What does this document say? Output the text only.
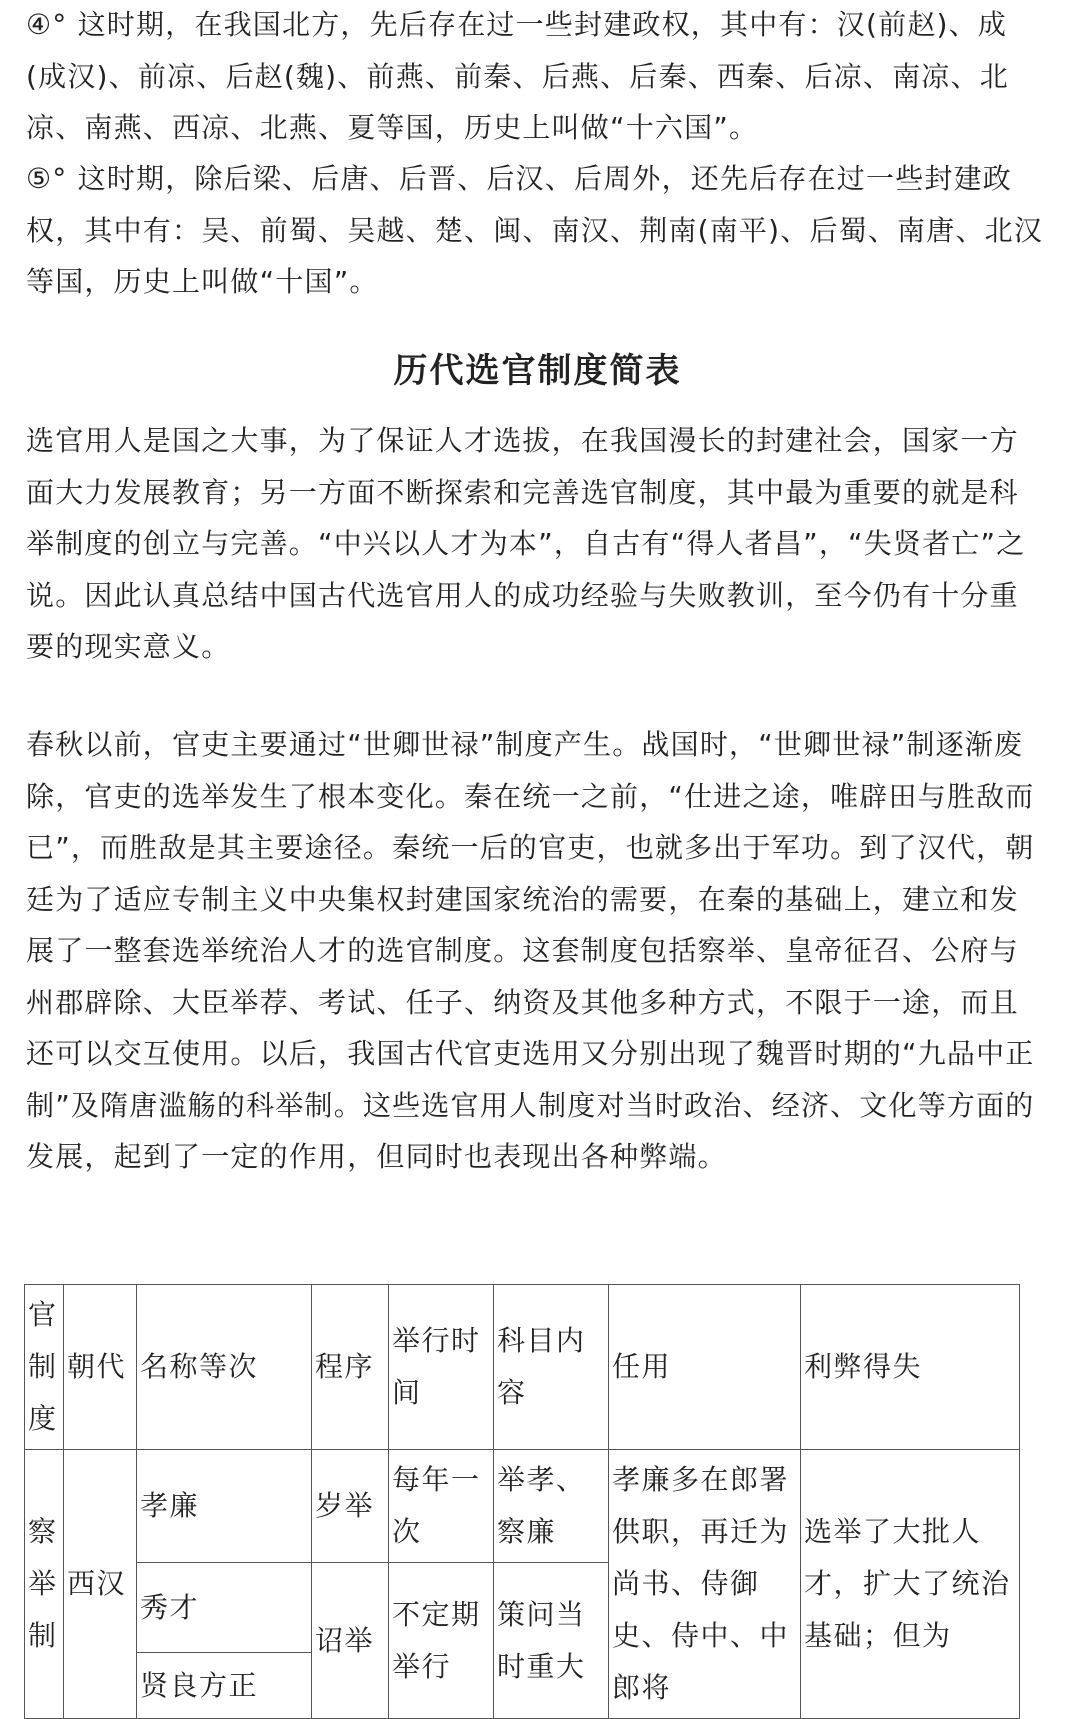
④° 这时期，在我国北方，先后存在过一些封建政权，其中有：汉(前赵)、成(成汉)、前凉、后赵(魏)、前燕、前秦、后燕、后秦、西秦、后凉、南凉、北凉、南燕、西凉、北燕、夏等国，历史上叫做“十六国”。

⑤° 这时期，除后梁、后唐、后晋、后汉、后周外，还先后存在过一些封建政权，其中有：吴、前蜀、吴越、楚、闽、南汉、荆南(南平)、后蜀、南唐、北汉等国，历史上叫做“十国”。

历代选官制度简表

选官用人是国之大事，为了保证人才选拔，在我国漫长的封建社会，国家一方面大力发展教育；另一方面不断探索和完善选官制度，其中最为重要的就是科举制度的创立与完善。“中兴以人才为本”，自古有“得人者昌”，“失贤者亡”之说。因此认真总结中国古代选官用人的成功经验与失败教训，至今仍有十分重要的现实意义。

春秋以前，官吏主要通过“世卿世禄”制度产生。战国时，“世卿世禄”制逐渐废除，官吏的选举发生了根本变化。秦在统一之前，“仕进之途，唯辟田与胜敌而已”，而胜敌是其主要途径。秦统一后的官吏，也就多出于军功。到了汉代，朝廷为了适应专制主义中央集权封建国家统治的需要，在秦的基础上，建立和发展了一整套选举统治人才的选官制度。这套制度包括察举、皇帝征召、公府与州郡辟除、大臣举荐、考试、任子、纳资及其他多种方式，不限于一途，而且还可以交互使用。以后，我国古代官吏选用又分别出现了魏晋时期的“九品中正制”及隋唐滥觞的科举制。这些选官用人制度对当时政治、经济、文化等方面的发展，起到了一定的作用，但同时也表现出各种弊端。

官制度	朝代	名称等次	程序	举行时间	科目内容	任用	利弊得失
察举制	西汉	孝廉	岁举	每年一次	举孝、察廉	孝廉多在郎署供职，再迁为尚书、侍御史、侍中、中郎将	选举了大批人才，扩大了统治基础；但为
		秀才	诏举	不定期举行	策问当时重大		
		贤良方正					
